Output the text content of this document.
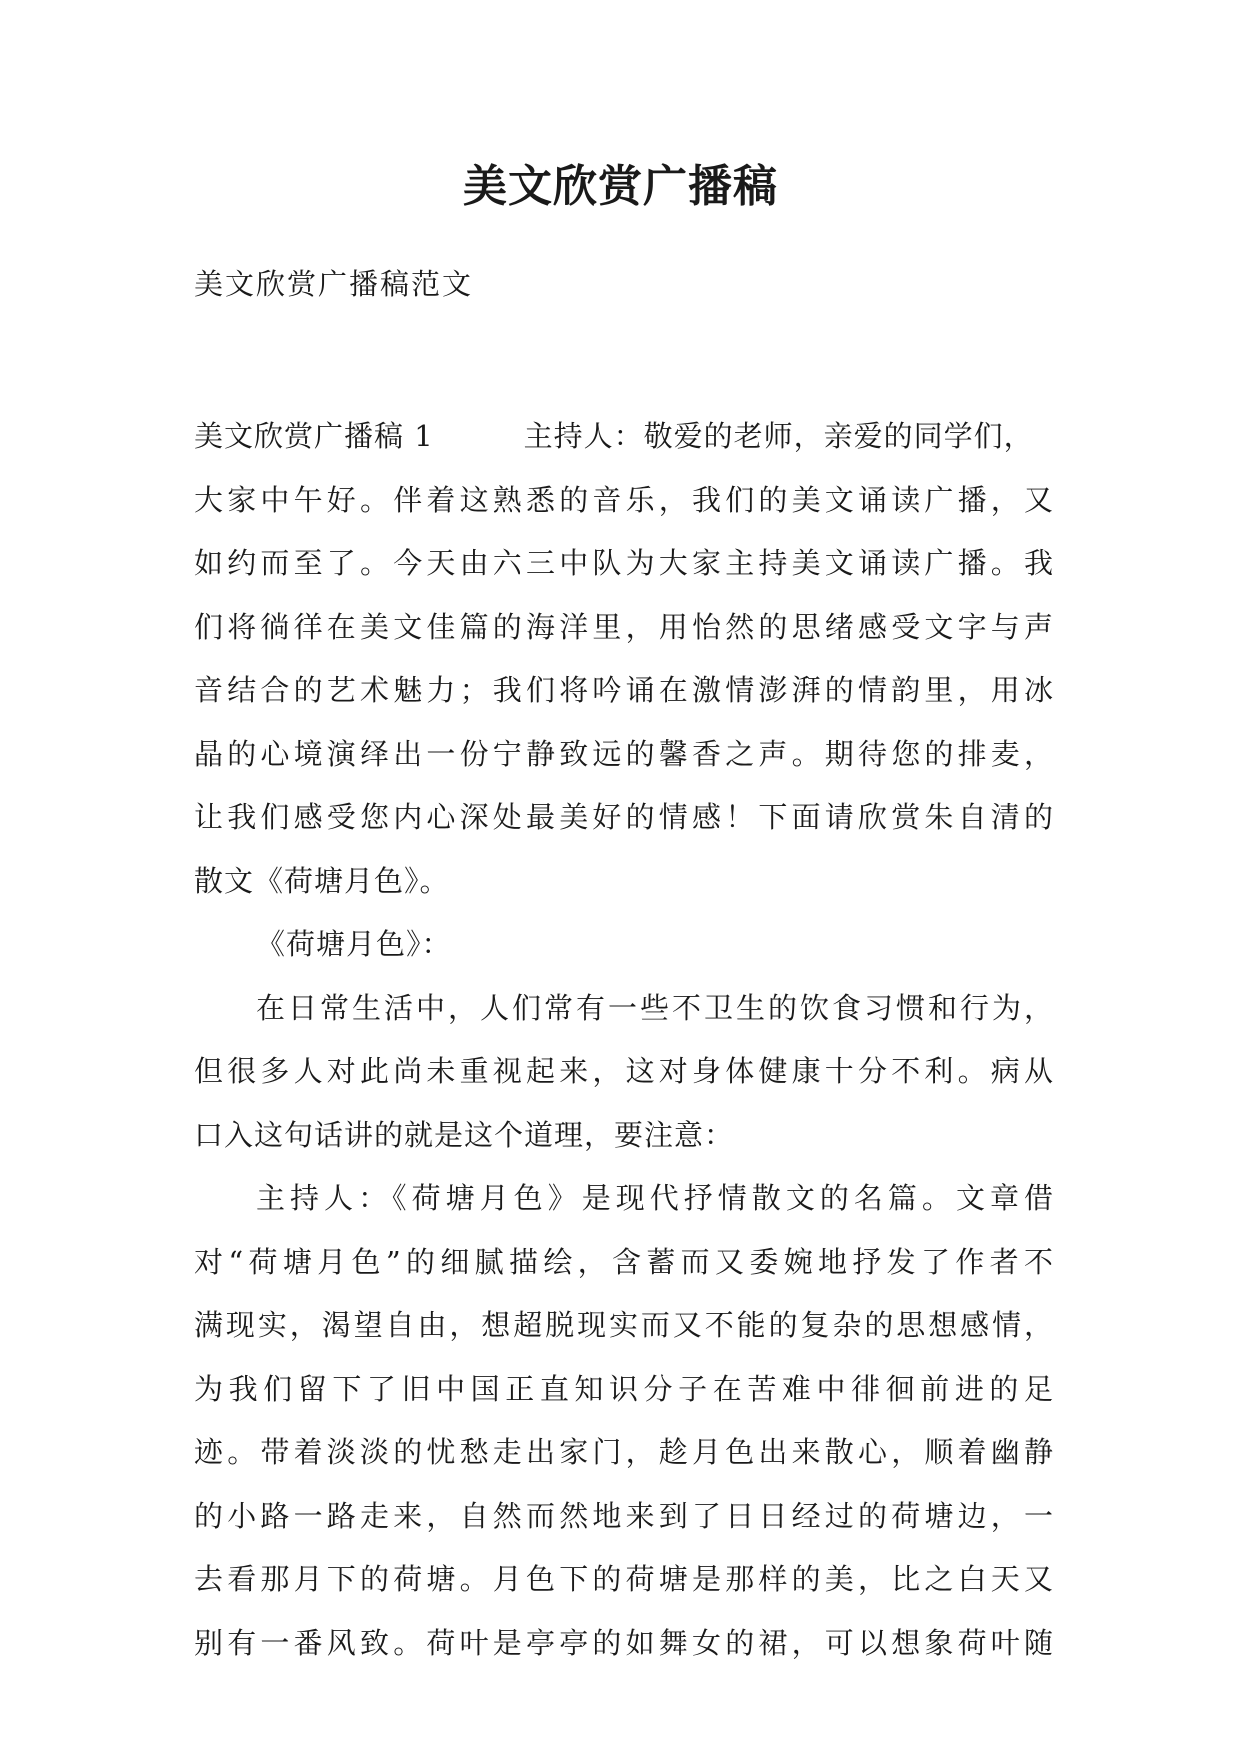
美文欣赏广播稿

美文欣赏广播稿范文

美文欣赏广播稿 1	主持人：敬爱的老师，亲爱的同学们，
大家中午好。伴着这熟悉的音乐，我们的美文诵读广播，又
如约而至了。今天由六三中队为大家主持美文诵读广播。我
们将徜徉在美文佳篇的海洋里，用怡然的思绪感受文字与声
音结合的艺术魅力；我们将吟诵在激情澎湃的情韵里，用冰
晶的心境演绎出一份宁静致远的馨香之声。期待您的排麦，
让我们感受您内心深处最美好的情感！下面请欣赏朱自清的
散文《荷塘月色》。
《荷塘月色》：
在日常生活中，人们常有一些不卫生的饮食习惯和行为，
但很多人对此尚未重视起来，这对身体健康十分不利。病从
口入这句话讲的就是这个道理，要注意：
主持人：《荷塘月色》是现代抒情散文的名篇。文章借
对“荷塘月色”的细腻描绘，含蓄而又委婉地抒发了作者不
满现实，渴望自由，想超脱现实而又不能的复杂的思想感情，
为我们留下了旧中国正直知识分子在苦难中徘徊前进的足
迹。带着淡淡的忧愁走出家门，趁月色出来散心，顺着幽静
的小路一路走来，自然而然地来到了日日经过的荷塘边，一
去看那月下的荷塘。月色下的荷塘是那样的美，比之白天又
别有一番风致。荷叶是亭亭的如舞女的裙，可以想象荷叶随
